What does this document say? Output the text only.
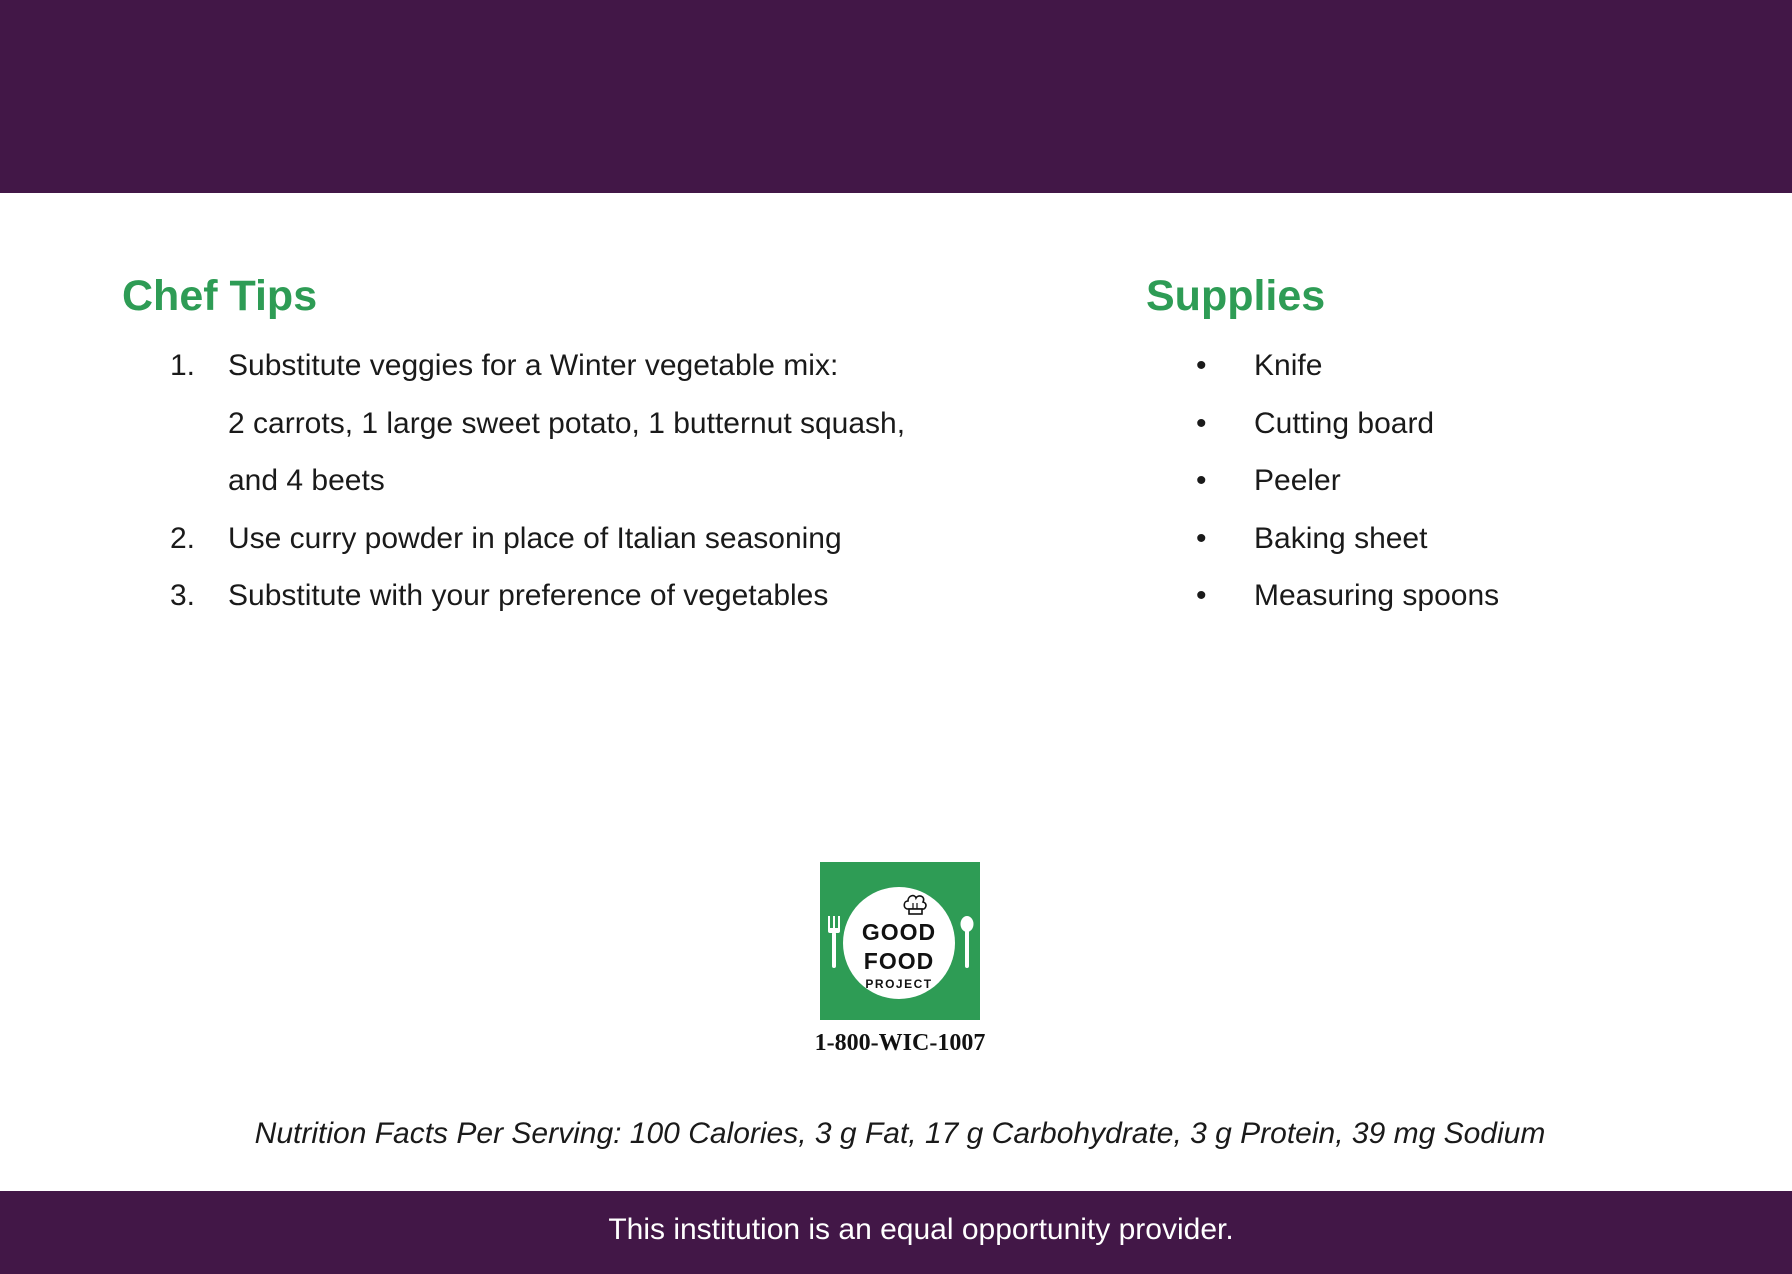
Chef Tips
1. Substitute veggies for a Winter vegetable mix:
2 carrots, 1 large sweet potato, 1 butternut squash,
and 4 beets
2. Use curry powder in place of Italian seasoning
3. Substitute with your preference of vegetables
Supplies
• Knife
• Cutting board
• Peeler
• Baking sheet
• Measuring spoons
GOOD
FOOD
PROJECT
1-800-WIC-1007
Nutrition Facts Per Serving: 100 Calories, 3 g Fat, 17 g Carbohydrate, 3 g Protein, 39 mg Sodium
This institution is an equal opportunity provider.
